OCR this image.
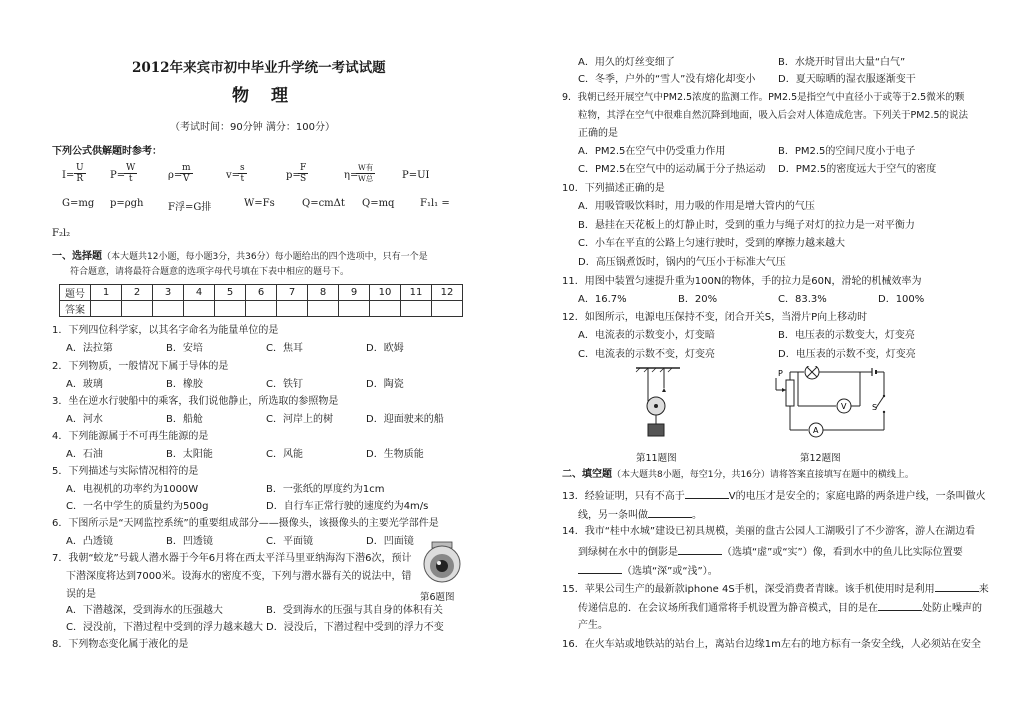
2012年来宾市初中毕业升学统一考试试题
物理
（考试时间：90分钟 满分：100分）
下列公式供解题时参考：
$I= \frac{U}{R} P=$
$\frac{W}{t}$	ρ=
$\frac{m}{V}$	v=
$\frac{s}{t}$	p=
$\frac{F}{S}$	η=
W有
W总	P=UI
G=mg p=ρgh F浮=G排	W=Fs	Q=cmΔt Q=mq	F₁l₁ =
F₂l₂
一、选择题（本大题共12小题，每小题3分，共36分）每小题给出的四个选项中，只有一个是
符合题意，请将最符合题意的选项字母代号填在下表中相应的题号下。
题号	1	2	3	4	5	6	7	8	9	10	11	12
答案												
1．下列四位科学家，以其名字命名为能量单位的是
A．法拉第	B．安培	C．焦耳	D．欧姆
2．下列物质，一般情况下属于导体的是
A．玻璃	B．橡胶	C．铁钉	D．陶瓷
3．坐在逆水行驶船中的乘客，我们说他静止，所选取的参照物是
A．河水	B．船舱	C．河岸上的树	D．迎面驶来的船
4．下列能源属于不可再生能源的是
A．石油	B．太阳能	C．风能	D．生物质能
5．下列描述与实际情况相符的是
A．电视机的功率约为1000W	B．一张纸的厚度约为1cm
C．一名中学生的质量约为500g	D．自行车正常行驶的速度约为4m/s
6．下图所示是“天网监控系统”的重要组成部分——摄像头，该摄像头的主要光学部件是
A．凸透镜	B．凹透镜	C．平面镜	D．凹面镜
7．我朝“蛟龙”号载人潜水器于今年6月将在西太平洋马里亚纳海沟下潜6次，预计
下潜深度将达到7000米。设海水的密度不变，下列与潜水器有关的说法中，错
误的是
A．下潜越深，受到海水的压强越大	B．受到海水的压强与其自身的体积有关
C．浸没前，下潜过程中受到的浮力越来越大 D．浸没后，下潜过程中受到的浮力不变
第6题图
8．下列物态变化属于液化的是
A．用久的灯丝变细了	B．水烧开时冒出大量“白气”
C．冬季，户外的“雪人”没有熔化却变小 D．夏天晾晒的湿衣服逐渐变干
9．我朝已经开展空气中PM2.5浓度的监测工作。PM2.5是指空气中直径小于或等于2.5微米的颗
粒物，其浮在空气中很难自然沉降到地面，吸入后会对人体造成危害。下列关于PM2.5的说法
正确的是
A．PM2.5在空气中仍受重力作用	B．PM2.5的空间尺度小于电子
C．PM2.5在空气中的运动属于分子热运动 D．PM2.5的密度远大于空气的密度
10．下列描述正确的是
A．用吸管吸饮料时，用力吸的作用是增大管内的气压
B．悬挂在天花板上的灯静止时，受到的重力与绳子对灯的拉力是一对平衡力
C．小车在平直的公路上匀速行驶时，受到的摩擦力越来越大
D．高压锅煮饭时，锅内的气压小于标准大气压
11．用图中装置匀速提升重为100N的物体，手的拉力是60N，滑轮的机械效率为
A．16.7%	B．20%	C．83.3%	D．100%
12．如图所示，电源电压保持不变，闭合开关S，当滑片P向上移动时
A．电流表的示数变小，灯变暗	B．电压表的示数变大，灯变亮
C．电流表的示数不变，灯变亮	D．电压表的示数不变，灯变亮
第11题图
P
S
A
V
第12题图
二、填空题（本大题共8小题，每空1分，共16分）请将答案直接填写在题中的横线上。
13．经验证明，只有不高于	V的电压才是安全的；家庭电路的两条进户线，一条叫做火
线，另一条叫做	。
14．我市“桂中水城”建设已初具规模，美丽的盘古公园人工湖吸引了不少游客，游人在湖边看
到绿树在水中的倒影是	（选填“虚”或“实”）像，看到水中的鱼儿比实际位置要
（选填“深”或“浅”）。
15．苹果公司生产的最新款iphone 4S手机，深受消费者青睐。该手机使用时是利用	来
传递信息的．在会议场所我们通常将手机设置为静音模式，目的是在	处防止噪声的
产生。
16．在火车站或地铁站的站台上，离站台边缘1m左右的地方标有一条安全线，人必须站在安全
